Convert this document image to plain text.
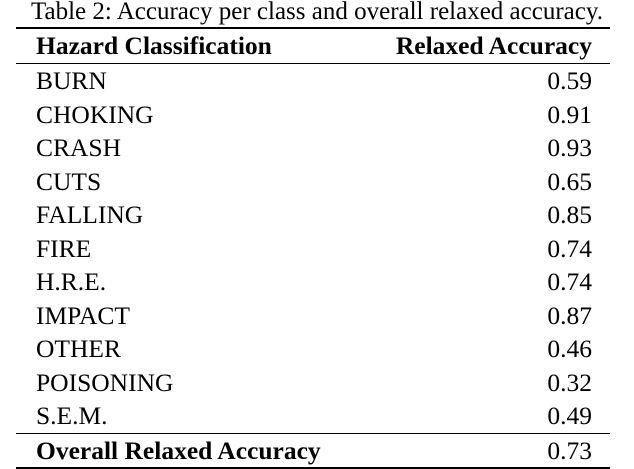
Table 2: Accuracy per class and overall relaxed accuracy.
Hazard Classification	Relaxed Accuracy
BURN	0.59
CHOKING	0.91
CRASH	0.93
CUTS	0.65
FALLING	0.85
FIRE	0.74
H.R.E.	0.74
IMPACT	0.87
OTHER	0.46
POISONING	0.32
S.E.M.	0.49
Overall Relaxed Accuracy	0.73
